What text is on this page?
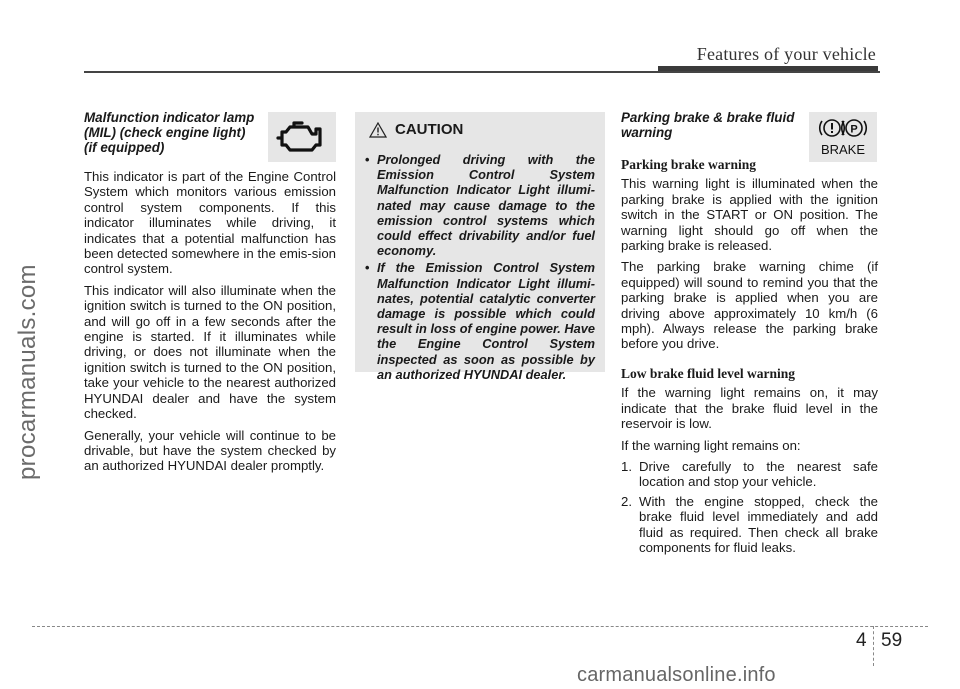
Features of your vehicle
procarmanuals.com
Malfunction indicator lamp
(MIL) (check engine light)
(if equipped)

This indicator is part of the Engine Control System which monitors various emission control system components. If this indicator illuminates while driving, it indicates that a potential malfunction has been detected somewhere in the emis-sion control system.

This indicator will also illuminate when the ignition switch is turned to the ON position, and will go off in a few seconds after the engine is started. If it illuminates while driving, or does not illuminate when the ignition switch is turned to the ON position, take your vehicle to the nearest authorized HYUNDAI dealer and have the system checked.

Generally, your vehicle will continue to be drivable, but have the system checked by an authorized HYUNDAI dealer promptly.

CAUTION
• Prolonged driving with the Emission Control System Malfunction Indicator Light illumi-nated may cause damage to the emission control systems which could effect drivability and/or fuel economy.
• If the Emission Control System Malfunction Indicator Light illumi-nates, potential catalytic converter damage is possible which could result in loss of engine power. Have the Engine Control System inspected as soon as possible by an authorized HYUNDAI dealer.
P
BRAKE
Parking brake & brake fluid
warning
Parking brake warning

This warning light is illuminated when the parking brake is applied with the ignition switch in the START or ON position. The warning light should go off when the parking brake is released.

The parking brake warning chime (if equipped) will sound to remind you that the parking brake is applied when you are driving above approximately 10 km/h (6 mph). Always release the parking brake before you drive.

Low brake fluid level warning

If the warning light remains on, it may indicate that the brake fluid level in the reservoir is low.

If the warning light remains on:

1. Drive carefully to the nearest safe location and stop your vehicle.
2. With the engine stopped, check the brake fluid level immediately and add fluid as required. Then check all brake components for fluid leaks.
4 59
carmanualsonline.info
